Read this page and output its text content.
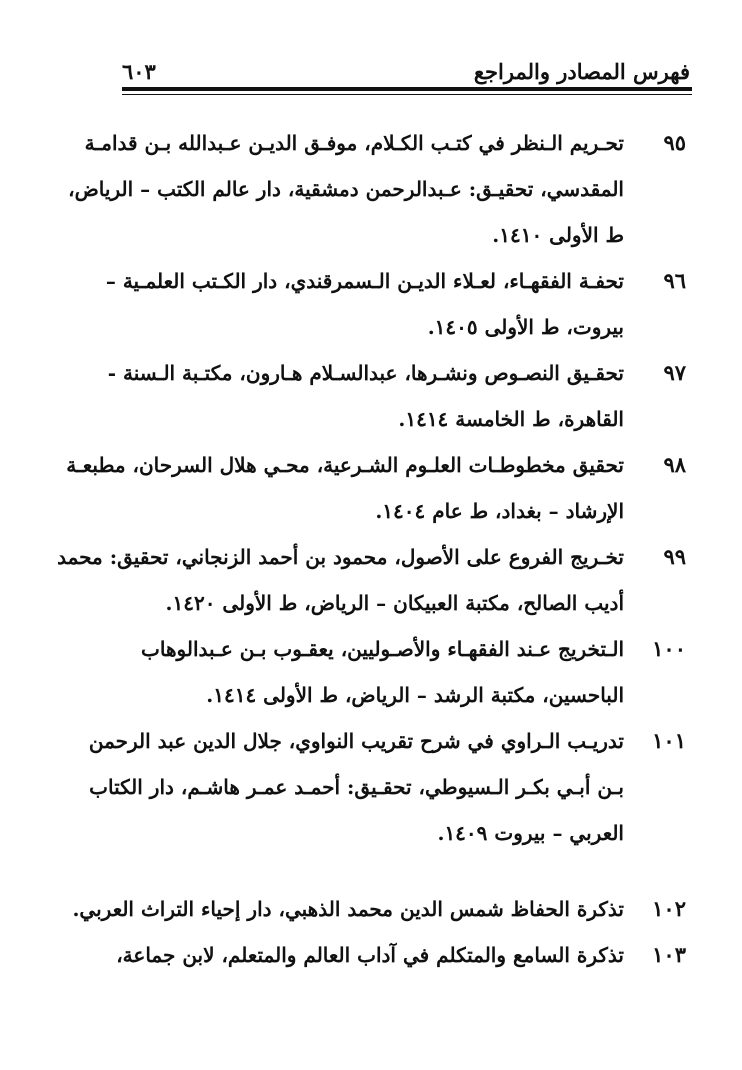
فهرس المصادر والمراجع
٦٠٣
٩٥
تحـريم الـنظر في كتـب الكـلام، موفـق الديـن عـبدالله بـن قدامـة
المقدسي، تحقيـق: عـبدالرحمن دمشقية، دار عالم الكتب – الرياض،
ط الأولى ١٤١٠.
٩٦
تحفـة الفقهـاء، لعـلاء الديـن الـسمرقندي، دار الكـتب العلمـية –
بيروت، ط الأولى ١٤٠٥.
٩٧
تحقـيق النصـوص ونشـرها، عبدالسـلام هـارون، مكتـبة الـسنة -
القاهرة، ط الخامسة ١٤١٤.
٩٨
تحقيق مخطوطـات العلـوم الشـرعية، محـي هلال السرحان، مطبعـة
الإرشاد – بغداد، ط عام ١٤٠٤.
٩٩
تخـريج الفروع على الأصول، محمود بن أحمد الزنجاني، تحقيق: محمد
أديب الصالح، مكتبة العبيكان – الرياض، ط الأولى ١٤٢٠.
١٠٠
الـتخريج عـند الفقهـاء والأصـوليين، يعقـوب بـن عـبدالوهاب
الباحسين، مكتبة الرشد – الرياض، ط الأولى ١٤١٤.
١٠١
تدريـب الـراوي في شرح تقريب النواوي، جلال الدين عبد الرحمن
بـن أبـي بكـر الـسيوطي، تحقـيق: أحمـد عمـر هاشـم، دار الكتاب
العربي – بيروت ١٤٠٩.
١٠٢
تذكرة الحفاظ شمس الدين محمد الذهبي، دار إحياء التراث العربي.
١٠٣
تذكرة السامع والمتكلم في آداب العالم والمتعلم، لابن جماعة،
